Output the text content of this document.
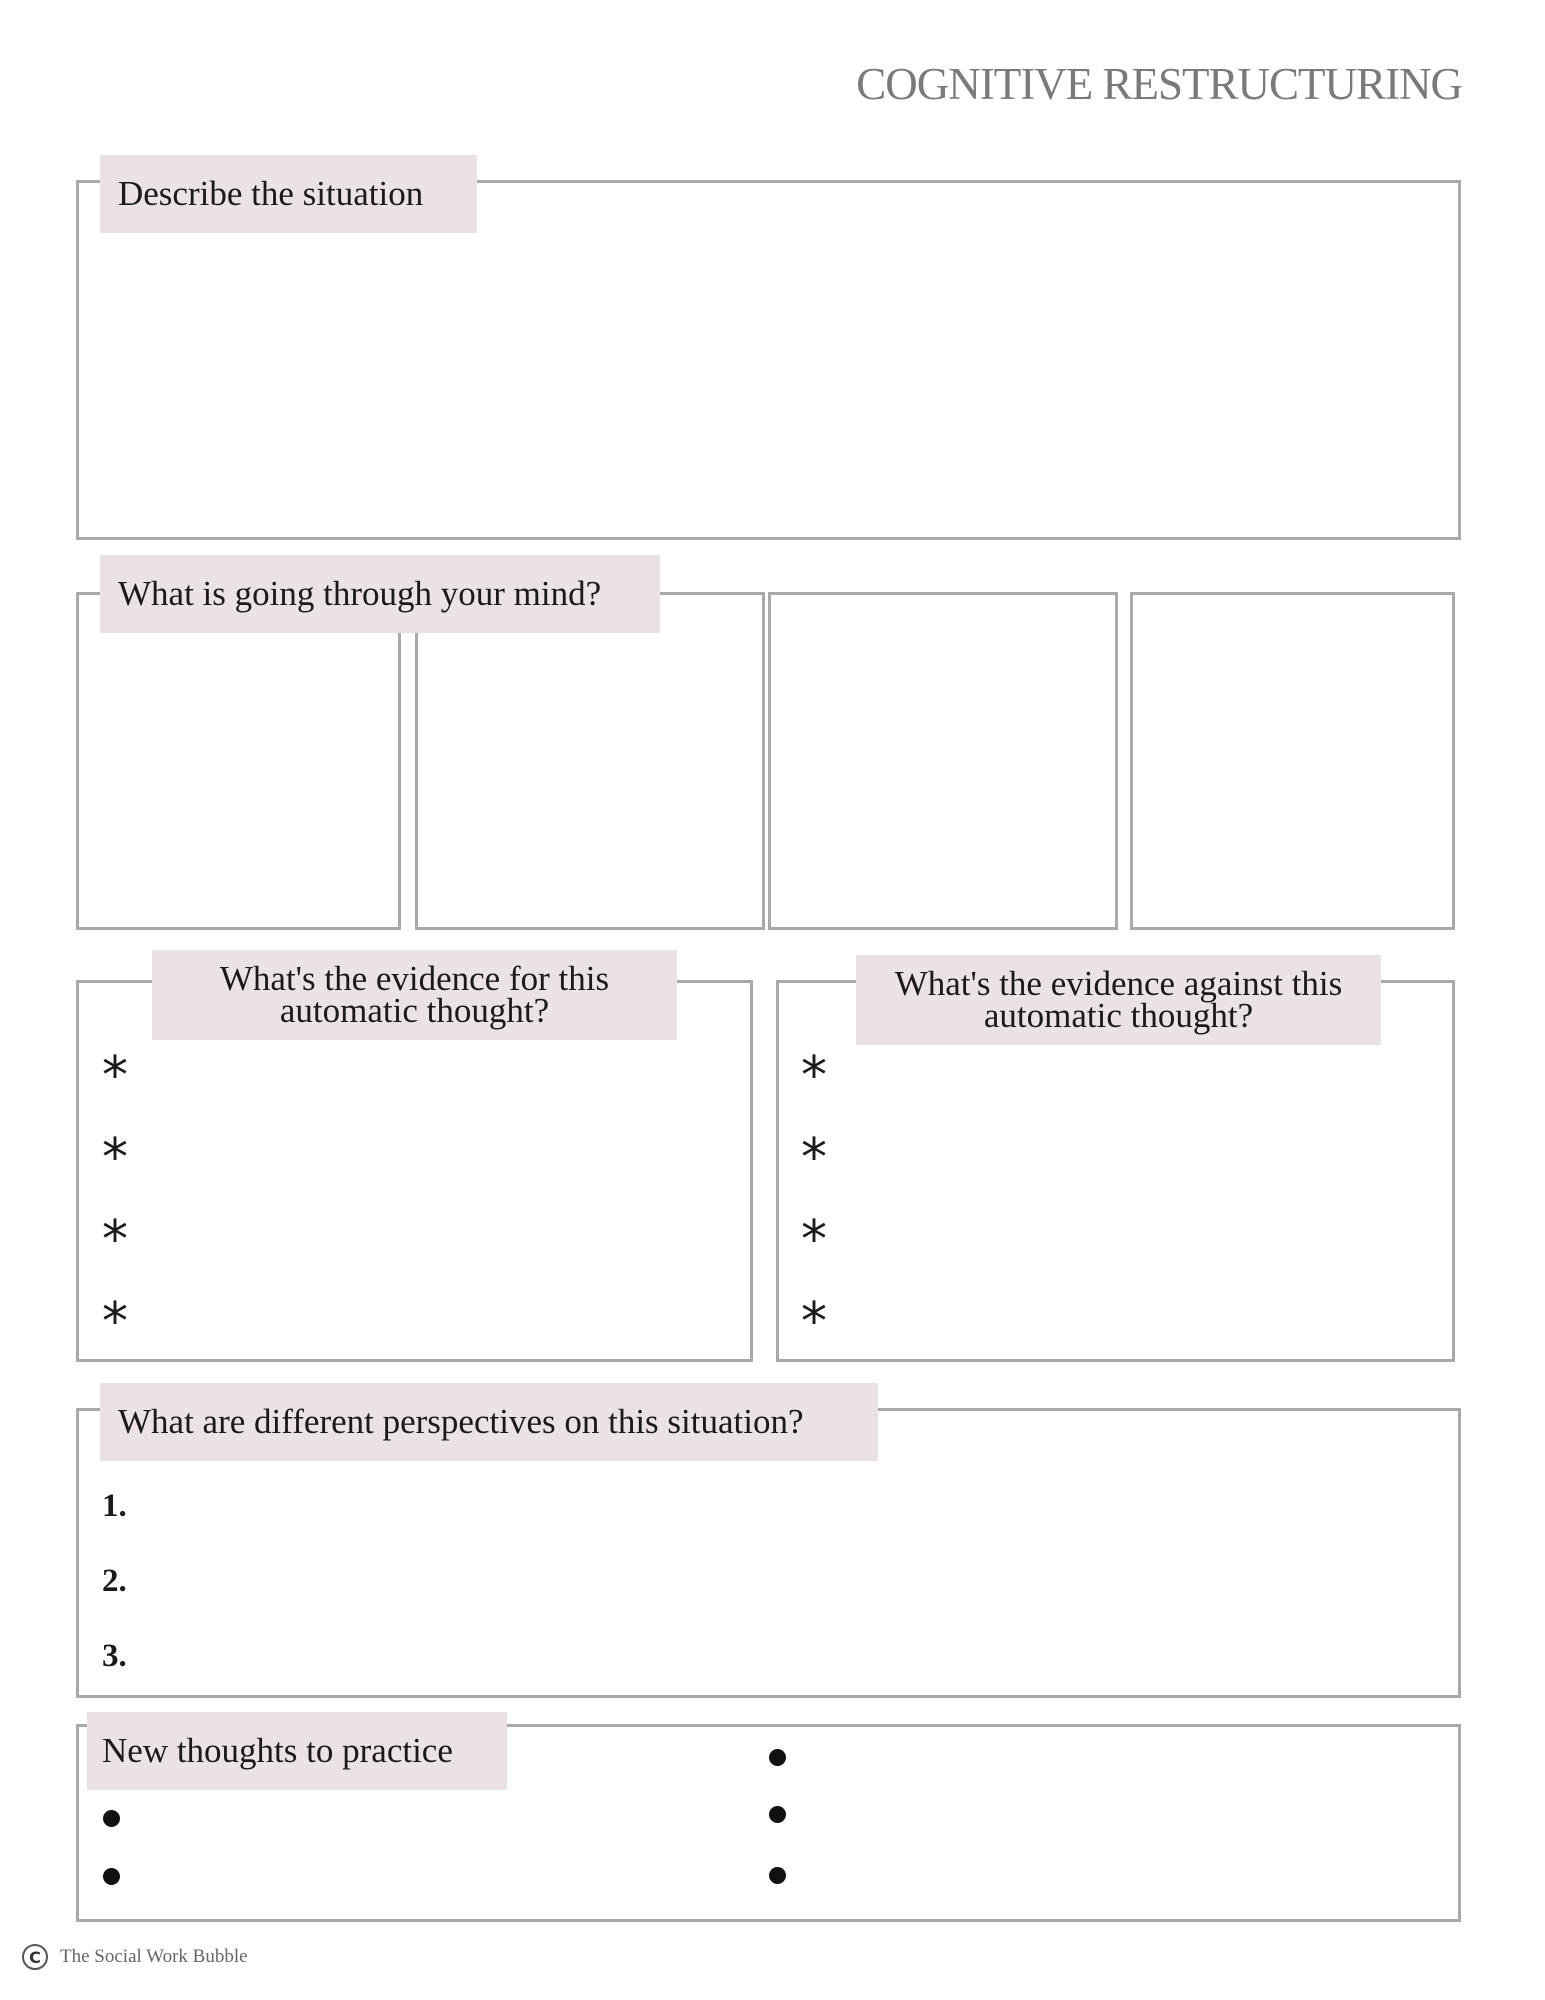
COGNITIVE RESTRUCTURING
Describe the situation
What is going through your mind?
What's the evidence for this
automatic thought?
*
*
*
*
What's the evidence against this
automatic thought?
*
*
*
*
What are different perspectives on this situation?
1.
2.
3.
New thoughts to practice
C	The Social Work Bubble
